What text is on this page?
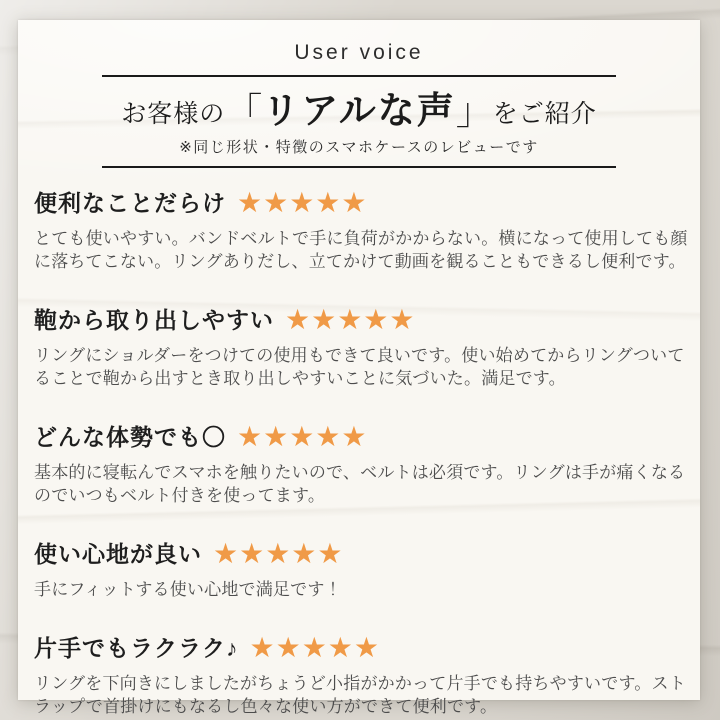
User voice
お客様の「リアルな声」をご紹介
※同じ形状・特徴のスマホケースのレビューです
便利なことだらけ ★★★★★

とても使いやすい。バンドベルトで手に負荷がかからない。横になって使用しても顔に落ちてこない。リングありだし、立てかけて動画を観ることもできるし便利です。

鞄から取り出しやすい ★★★★★

リングにショルダーをつけての使用もできて良いです。使い始めてからリングついてることで鞄から出すとき取り出しやすいことに気づいた。満足です。

どんな体勢でも〇 ★★★★★

基本的に寝転んでスマホを触りたいので、ベルトは必須です。リングは手が痛くなるのでいつもベルト付きを使ってます。

使い心地が良い ★★★★★

手にフィットする使い心地で満足です！

片手でもラクラク♪ ★★★★★

リングを下向きにしましたがちょうど小指がかかって片手でも持ちやすいです。ストラップで首掛けにもなるし色々な使い方ができて便利です。
